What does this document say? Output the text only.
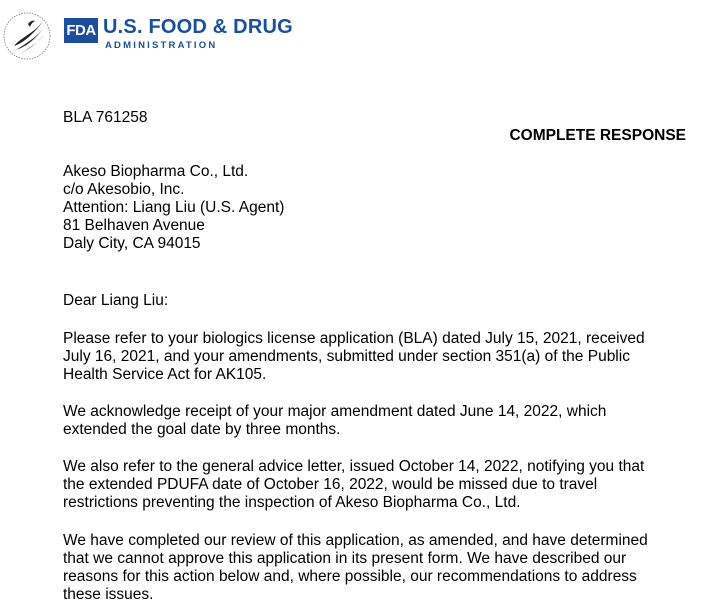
FDA U.S. FOOD & DRUG
ADMINISTRATION
BLA 761258
COMPLETE RESPONSE
Akeso Biopharma Co., Ltd.
c/o Akesobio, Inc.
Attention: Liang Liu (U.S. Agent)
81 Belhaven Avenue
Daly City, CA 94015
Dear Liang Liu:
Please refer to your biologics license application (BLA) dated July 15, 2021, received
July 16, 2021, and your amendments, submitted under section 351(a) of the Public
Health Service Act for AK105.
We acknowledge receipt of your major amendment dated June 14, 2022, which
extended the goal date by three months.
We also refer to the general advice letter, issued October 14, 2022, notifying you that
the extended PDUFA date of October 16, 2022, would be missed due to travel
restrictions preventing the inspection of Akeso Biopharma Co., Ltd.
We have completed our review of this application, as amended, and have determined
that we cannot approve this application in its present form. We have described our
reasons for this action below and, where possible, our recommendations to address
these issues.
